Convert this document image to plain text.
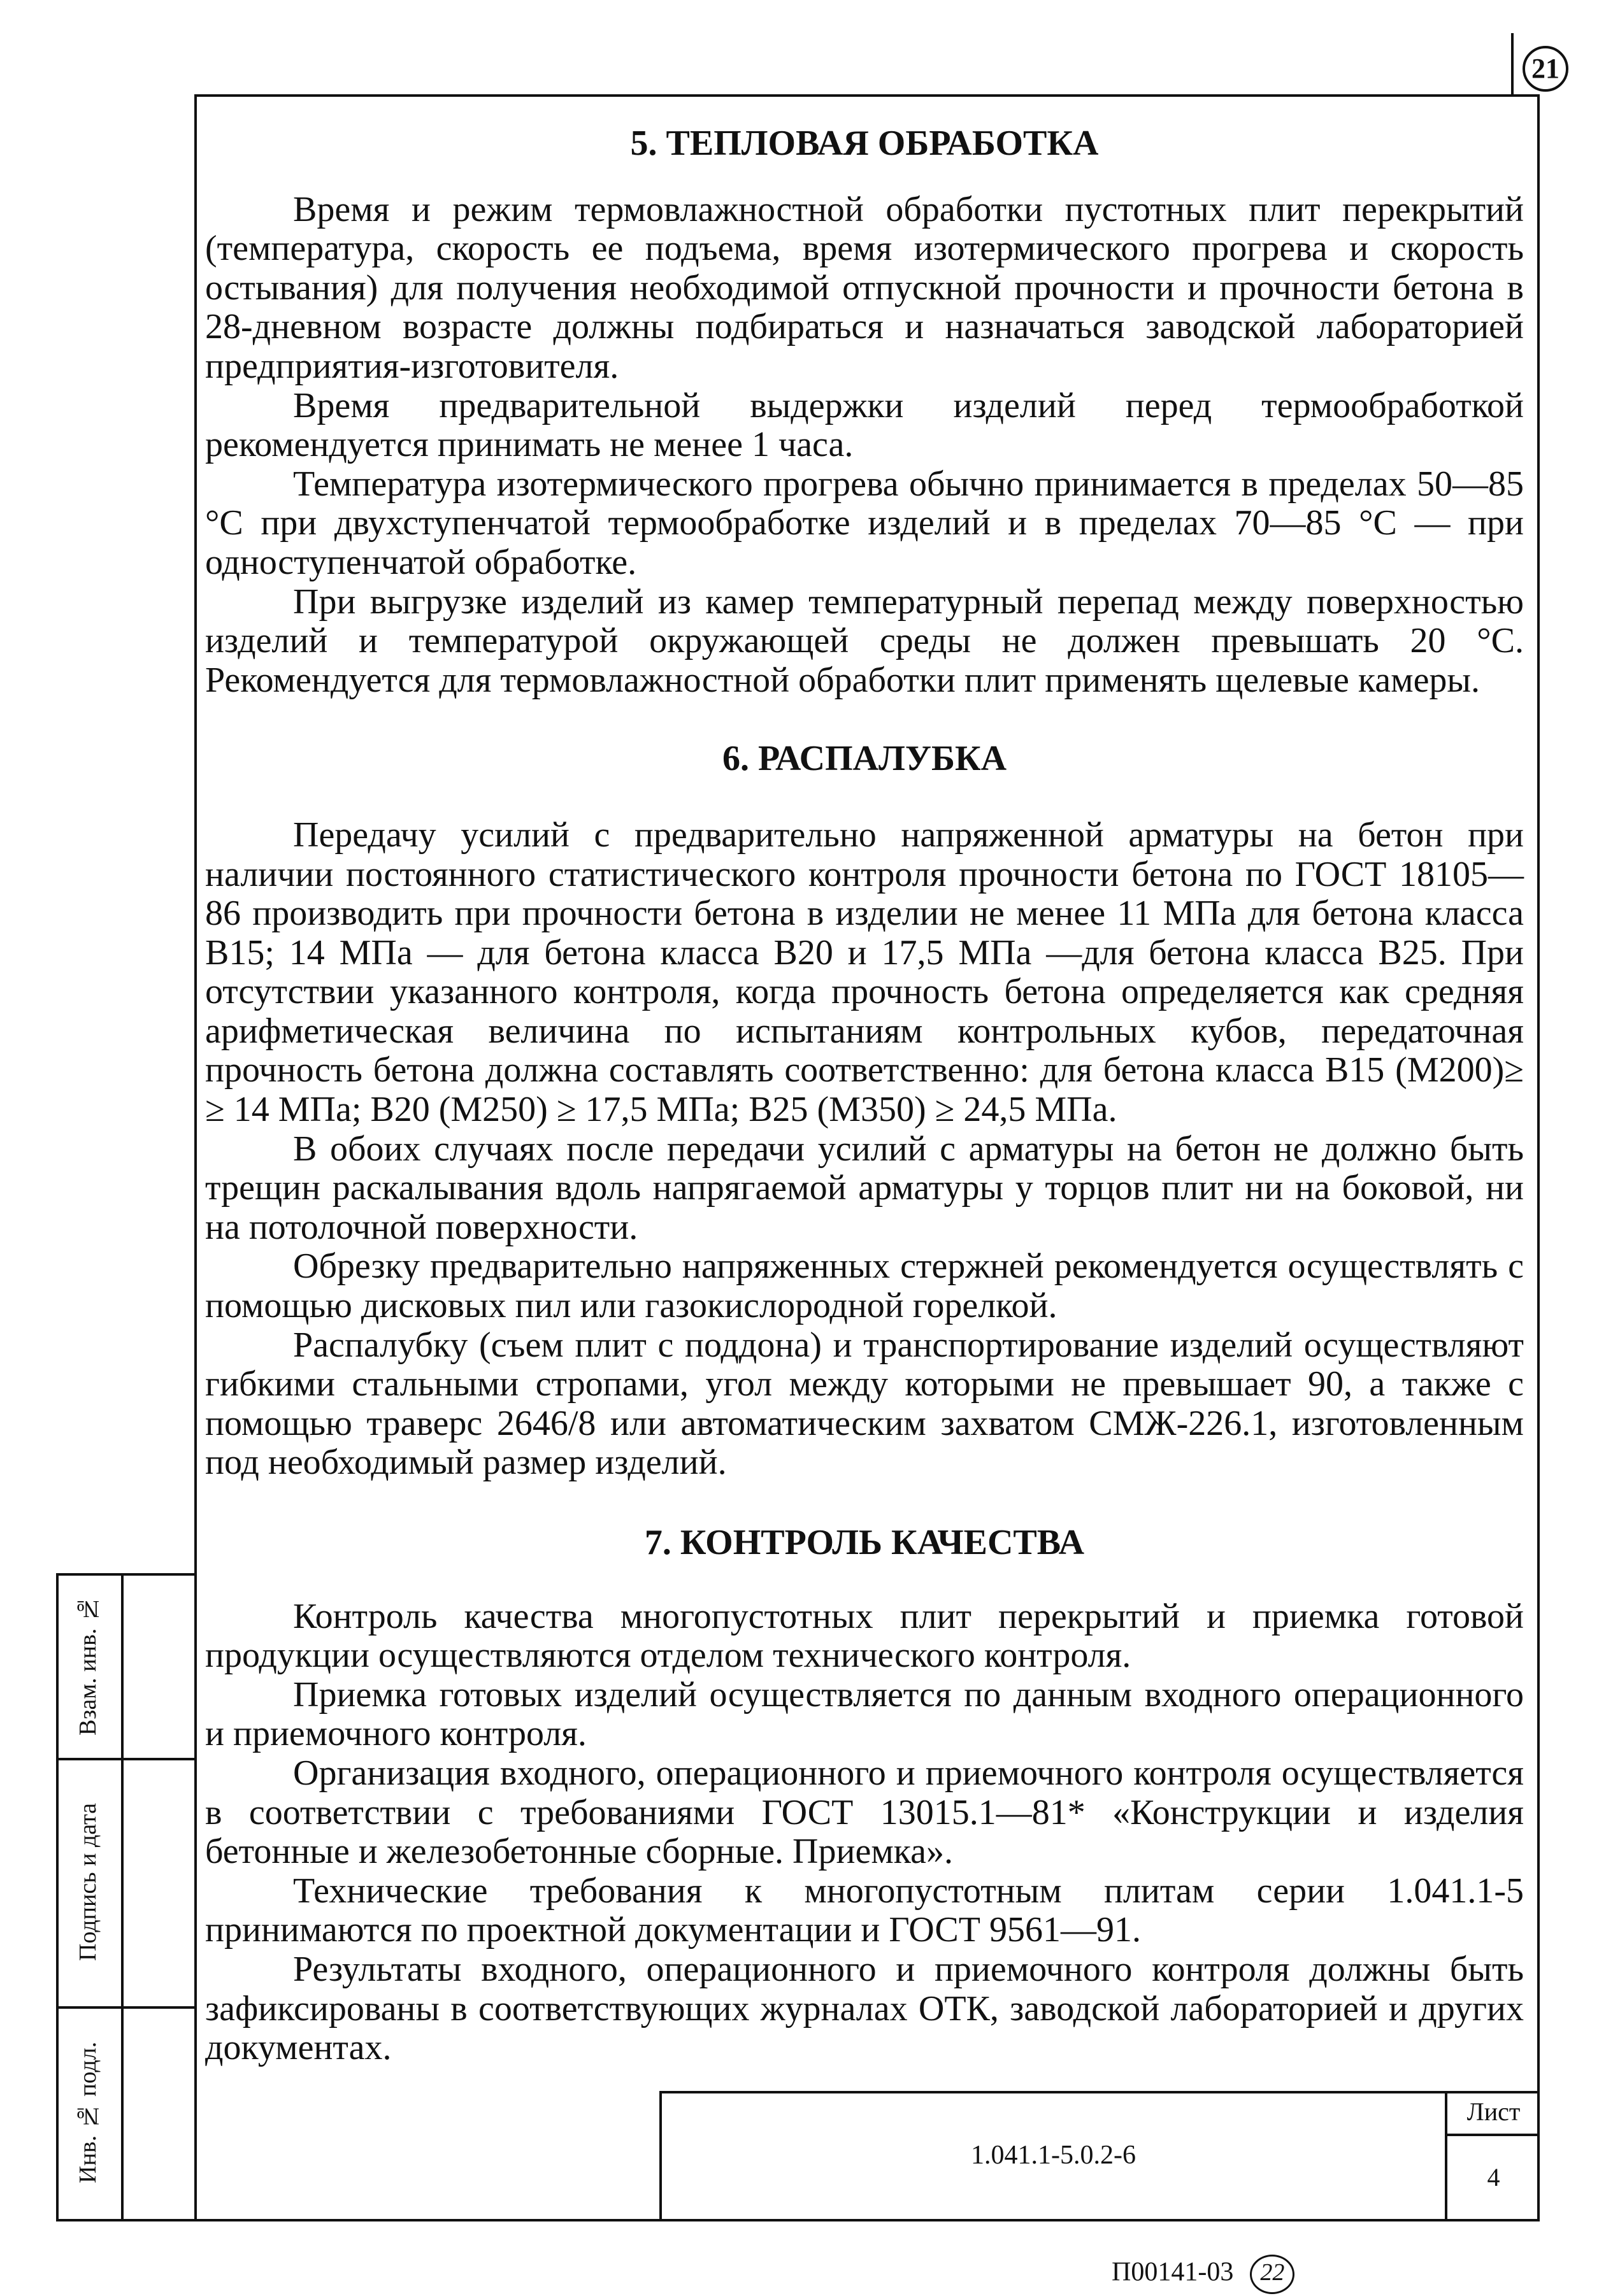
21
5. ТЕПЛОВАЯ ОБРАБОТКА

Время и режим термовлажностной обработки пустотных плит перекрытий (температура, скорость ее подъема, время изотермического прогрева и скорость остывания) для получения необходимой отпускной прочности и прочности бетона в 28-дневном возрасте должны подбираться и назначаться заводской лабораторией предприятия-изготовителя.

Время предварительной выдержки изделий перед термообработкой рекомендуется принимать не менее 1 часа.

Температура изотермического прогрева обычно принимается в пределах 50—85 °С при двухступенчатой термообработке изделий и в пределах 70—85 °С — при одноступенчатой обработке.

При выгрузке изделий из камер температурный перепад между поверхностью изделий и температурой окружающей среды не должен превышать 20 °С. Рекомендуется для термовлажностной обработки плит применять щелевые камеры.

6. РАСПАЛУБКА

Передачу усилий с предварительно напряженной арматуры на бетон при наличии постоянного статистического контроля прочности бетона по ГОСТ 18105—86 производить при прочности бетона в изделии не менее 11 МПа для бетона класса В15; 14 МПа — для бетона класса В20 и 17,5 МПа —для бетона класса В25. При отсутствии указанного контроля, когда прочность бетона определяется как средняя арифметическая величина по испытаниям контрольных кубов, передаточная прочность бетона должна составлять соответственно: для бетона класса В15 (М200)≥ ≥ 14 МПа; В20 (М250) ≥ 17,5 МПа; В25 (М350) ≥ 24,5 МПа.

В обоих случаях после передачи усилий с арматуры на бетон не должно быть трещин раскалывания вдоль напрягаемой арматуры у торцов плит ни на боковой, ни на потолочной поверхности.

Обрезку предварительно напряженных стержней рекомендуется осуществлять с помощью дисковых пил или газокислородной горелкой.

Распалубку (съем плит с поддона) и транспортирование изделий осуществляют гибкими стальными стропами, угол между которыми не превышает 90, а также с помощью траверс 2646/8 или автоматическим захватом СМЖ-226.1, изготовленным под необходимый размер изделий.

7. КОНТРОЛЬ КАЧЕСТВА

Контроль качества многопустотных плит перекрытий и приемка готовой продукции осуществляются отделом технического контроля.

Приемка готовых изделий осуществляется по данным входного операционного и приемочного контроля.

Организация входного, операционного и приемочного контроля осуществляется в соответствии с требованиями ГОСТ 13015.1—81* «Конструкции и изделия бетонные и железобетонные сборные. Приемка».

Технические требования к многопустотным плитам серии 1.041.1-5 принимаются по проектной документации и ГОСТ 9561—91.

Результаты входного, операционного и приемочного контроля должны быть зафиксированы в соответствующих журналах ОТК, заводской лабораторией и других документах.

Взам. инв. №
Подпись и дата
Инв. № подл.	1.041.1-5.0.2-6
Лист
4
П00141-03 22
